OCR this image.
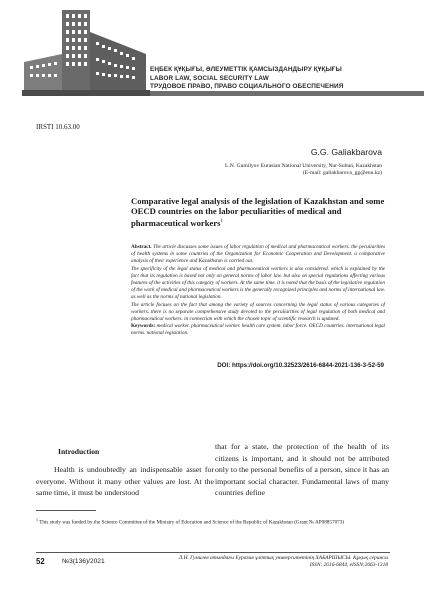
ЕҢБЕК ҚҰҚЫҒЫ, ӘЛЕУМЕТТІК ҚАМСЫЗДАНДЫРУ ҚҰҚЫҒЫ
LABOR LAW, SOCIAL SECURITY LAW
ТРУДОВОЕ ПРАВО, ПРАВО СОЦИАЛЬНОГО ОБЕСПЕЧЕНИЯ
IRSTI 10.63.00
G.G. Galiakbarova
L.N. Gumilyov Eurasian National University, Nur-Sultan, Kazakhstan
(E-mail: galiakbarova_gg@enu.kz)
Comparative legal analysis of the legislation of Kazakhstan and some OECD countries on the labor peculiarities of medical and pharmaceutical workers$^1$

Abstract. The article discusses some issues of labor regulation of medical and pharmaceutical workers. the peculiarities of health systems in some countries of the Organization for Economic Cooperation and Development. a comparative analysis of their experience and Kazakhstan is carried out.

The specificity of the legal status of medical and pharmaceutical workers is also considered. which is explained by the fact that its regulation is based not only on general norms of labor law. but also on special regulations affecting various features of the activities of this category of workers. At the same time. it is noted that the basis of the legislative regulation of the work of medical and pharmaceutical workers is the generally recognized principles and norms of international law. as well as the norms of national legislation.

The article focuses on the fact that among the variety of sources concerning the legal status of various categories of workers. there is no separate comprehensive study devoted to the peculiarities of legal regulation of both medical and pharmaceutical workers. in connection with which the chosen topic of scientific research is updated.

Keywords: medical worker. pharmaceutical worker. health care system. labor force. OECD countries. international legal norms. national legislation.

DOI: https://doi.org/10.32523/2616-6844-2021-136-3-52-59
Introduction
Health is undoubtedly an indispensable asset for everyone. Without it many other values are lost. At the same time, it must be understood
that for a state, the protection of the health of its citizens is important, and it should not be attributed only to the personal benefits of a person, since it has an important social character. Fundamental laws of many countries define
$^1$ This study was funded by the Science Committee of the Ministry of Education and Science of the Republic of Kazakhstan (Grant № AP08857073)
52	№3(136)/2021	Л.Н. Гумилев атындағы Еуразия ұлттық университетінің ХАБАРШЫСЫ. Құқық сериясы
ISSN: 2616-6844, eISSN:2663-1318
